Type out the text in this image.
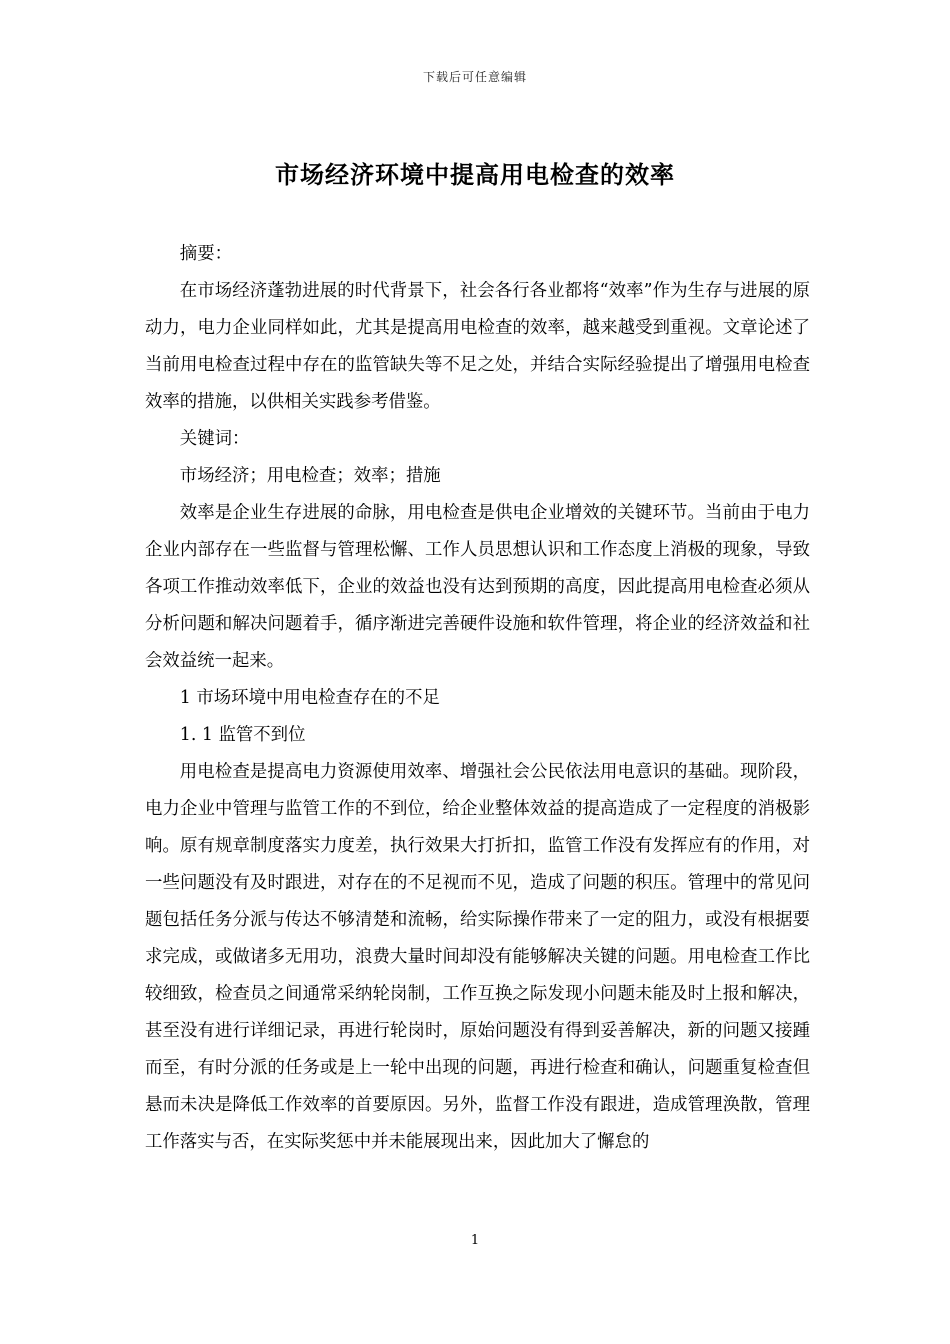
下载后可任意编辑
市场经济环境中提高用电检查的效率

摘要：

在市场经济蓬勃进展的时代背景下，社会各行各业都将“效率”作为生存与进展的原动力，电力企业同样如此，尤其是提高用电检查的效率，越来越受到重视。文章论述了当前用电检查过程中存在的监管缺失等不足之处，并结合实际经验提出了增强用电检查效率的措施，以供相关实践参考借鉴。

关键词：

市场经济；用电检查；效率；措施

效率是企业生存进展的命脉，用电检查是供电企业增效的关键环节。当前由于电力企业内部存在一些监督与管理松懈、工作人员思想认识和工作态度上消极的现象，导致各项工作推动效率低下，企业的效益也没有达到预期的高度，因此提高用电检查必须从分析问题和解决问题着手，循序渐进完善硬件设施和软件管理，将企业的经济效益和社会效益统一起来。

1 市场环境中用电检查存在的不足

1. 1 监管不到位

用电检查是提高电力资源使用效率、增强社会公民依法用电意识的基础。现阶段，电力企业中管理与监管工作的不到位，给企业整体效益的提高造成了一定程度的消极影响。原有规章制度落实力度差，执行效果大打折扣，监管工作没有发挥应有的作用，对一些问题没有及时跟进，对存在的不足视而不见，造成了问题的积压。管理中的常见问题包括任务分派与传达不够清楚和流畅，给实际操作带来了一定的阻力，或没有根据要求完成，或做诸多无用功，浪费大量时间却没有能够解决关键的问题。用电检查工作比较细致，检查员之间通常采纳轮岗制，工作互换之际发现小问题未能及时上报和解决，甚至没有进行详细记录，再进行轮岗时，原始问题没有得到妥善解决，新的问题又接踵而至，有时分派的任务或是上一轮中出现的问题，再进行检查和确认，问题重复检查但悬而未决是降低工作效率的首要原因。另外，监督工作没有跟进，造成管理涣散，管理工作落实与否，在实际奖惩中并未能展现出来，因此加大了懈怠的

1
